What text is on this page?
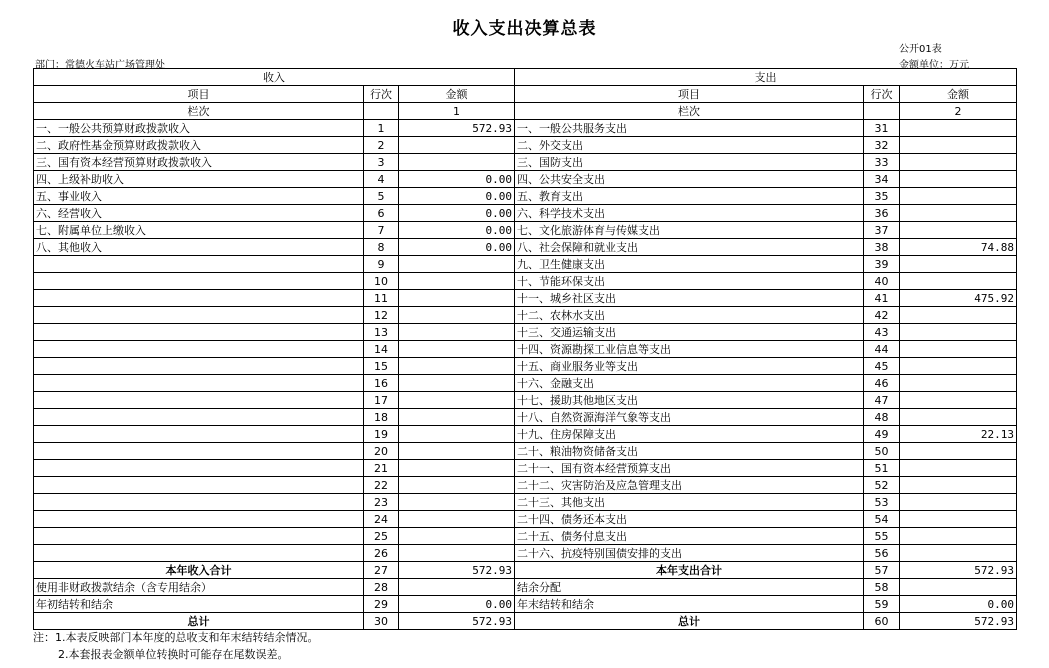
收入支出决算总表
公开01表
部门：常德火车站广场管理处	金额单位：万元
收入			支出		
项目	行次	金额	项目	行次	金额
栏次		1	栏次		2
一、一般公共预算财政拨款收入	1	572.93	一、一般公共服务支出	31	
二、政府性基金预算财政拨款收入	2		二、外交支出	32	
三、国有资本经营预算财政拨款收入	3		三、国防支出	33	
四、上级补助收入	4	0.00	四、公共安全支出	34	
五、事业收入	5	0.00	五、教育支出	35	
六、经营收入	6	0.00	六、科学技术支出	36	
七、附属单位上缴收入	7	0.00	七、文化旅游体育与传媒支出	37	
八、其他收入	8	0.00	八、社会保障和就业支出	38	74.88
	9		九、卫生健康支出	39	
	10		十、节能环保支出	40	
	11		十一、城乡社区支出	41	475.92
	12		十二、农林水支出	42	
	13		十三、交通运输支出	43	
	14		十四、资源勘探工业信息等支出	44	
	15		十五、商业服务业等支出	45	
	16		十六、金融支出	46	
	17		十七、援助其他地区支出	47	
	18		十八、自然资源海洋气象等支出	48	
	19		十九、住房保障支出	49	22.13
	20		二十、粮油物资储备支出	50	
	21		二十一、国有资本经营预算支出	51	
	22		二十二、灾害防治及应急管理支出	52	
	23		二十三、其他支出	53	
	24		二十四、债务还本支出	54	
	25		二十五、债务付息支出	55	
	26		二十六、抗疫特别国债安排的支出	56	
本年收入合计	27	572.93	本年支出合计	57	572.93
使用非财政拨款结余（含专用结余）	28		结余分配	58	
年初结转和结余	29	0.00	年末结转和结余	59	0.00
总计	30	572.93	总计	60	572.93
注：1.本表反映部门本年度的总收支和年末结转结余情况。
2.本套报表金额单位转换时可能存在尾数误差。
